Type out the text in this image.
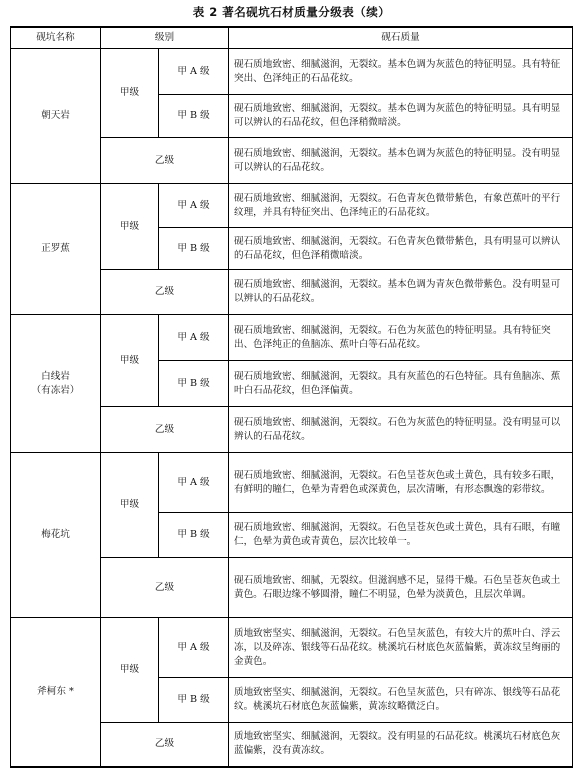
表 2 著名砚坑石材质量分级表（续）
砚坑名称	级别		砚石质量
朝天岩	甲级	甲 A 级	砚石质地致密、细腻滋润，无裂纹。基本色调为灰蓝色的特征明显。具有特征突出、色泽纯正的石品花纹。
		甲 B 级	砚石质地致密、细腻滋润，无裂纹。基本色调为灰蓝色的特征明显。具有明显可以辨认的石品花纹，但色泽稍微暗淡。
	乙级		砚石质地致密、细腻滋润，无裂纹。基本色调为灰蓝色的特征明显。没有明显可以辨认的石品花纹。
正罗蕉	甲级	甲 A 级	砚石质地致密、细腻滋润，无裂纹。石色青灰色微带紫色，有象芭蕉叶的平行纹理，并具有特征突出、色泽纯正的石品花纹。
		甲 B 级	砚石质地致密、细腻滋润，无裂纹。石色青灰色微带紫色，具有明显可以辨认的石品花纹，但色泽稍微暗淡。
	乙级		砚石质地致密、细腻滋润，无裂纹。基本色调为青灰色微带紫色。没有明显可以辨认的石品花纹。

白线岩
（有冻岩）	甲级	甲 A 级	砚石质地致密、细腻滋润，无裂纹。石色为灰蓝色的特征明显。具有特征突出、色泽纯正的鱼脑冻、蕉叶白等石品花纹。
		甲 B 级	砚石质地致密、细腻滋润，无裂纹。具有灰蓝色的石色特征。具有鱼脑冻、蕉叶白石品花纹，但色泽偏黄。
	乙级		砚石质地致密、细腻滋润，无裂纹。石色为灰蓝色的特征明显。没有明显可以辨认的石品花纹。
梅花坑	甲级	甲 A 级	砚石质地致密、细腻滋润，无裂纹。石色呈苍灰色或土黄色，具有较多石眼，有鲜明的瞳仁，色晕为青碧色或深黄色，层次清晰，有形态飘逸的彩带纹。
		甲 B 级	砚石质地致密、细腻滋润，无裂纹。石色呈苍灰色或土黄色，具有石眼，有瞳仁，色晕为黄色或青黄色，层次比较单一。
	乙级		砚石质地致密、细腻，无裂纹。但滋润感不足，显得干燥。石色呈苍灰色或土黄色。石眼边缘不够圆滑，瞳仁不明显，色晕为淡黄色，且层次单调。
斧柯东 *	甲级	甲 A 级	质地致密坚实、细腻滋润，无裂纹。石色呈灰蓝色，有较大片的蕉叶白、浮云冻，以及碎冻、银线等石品花纹。桃溪坑石材底色灰蓝偏紫，黄冻纹呈绚丽的金黄色。
		甲 B 级	质地致密坚实、细腻滋润，无裂纹。石色呈灰蓝色，只有碎冻、银线等石品花纹。桃溪坑石材底色灰蓝偏紫，黄冻纹略微泛白。
	乙级		质地致密坚实、细腻滋润，无裂纹。没有明显的石品花纹。桃溪坑石材底色灰蓝偏紫，没有黄冻纹。
